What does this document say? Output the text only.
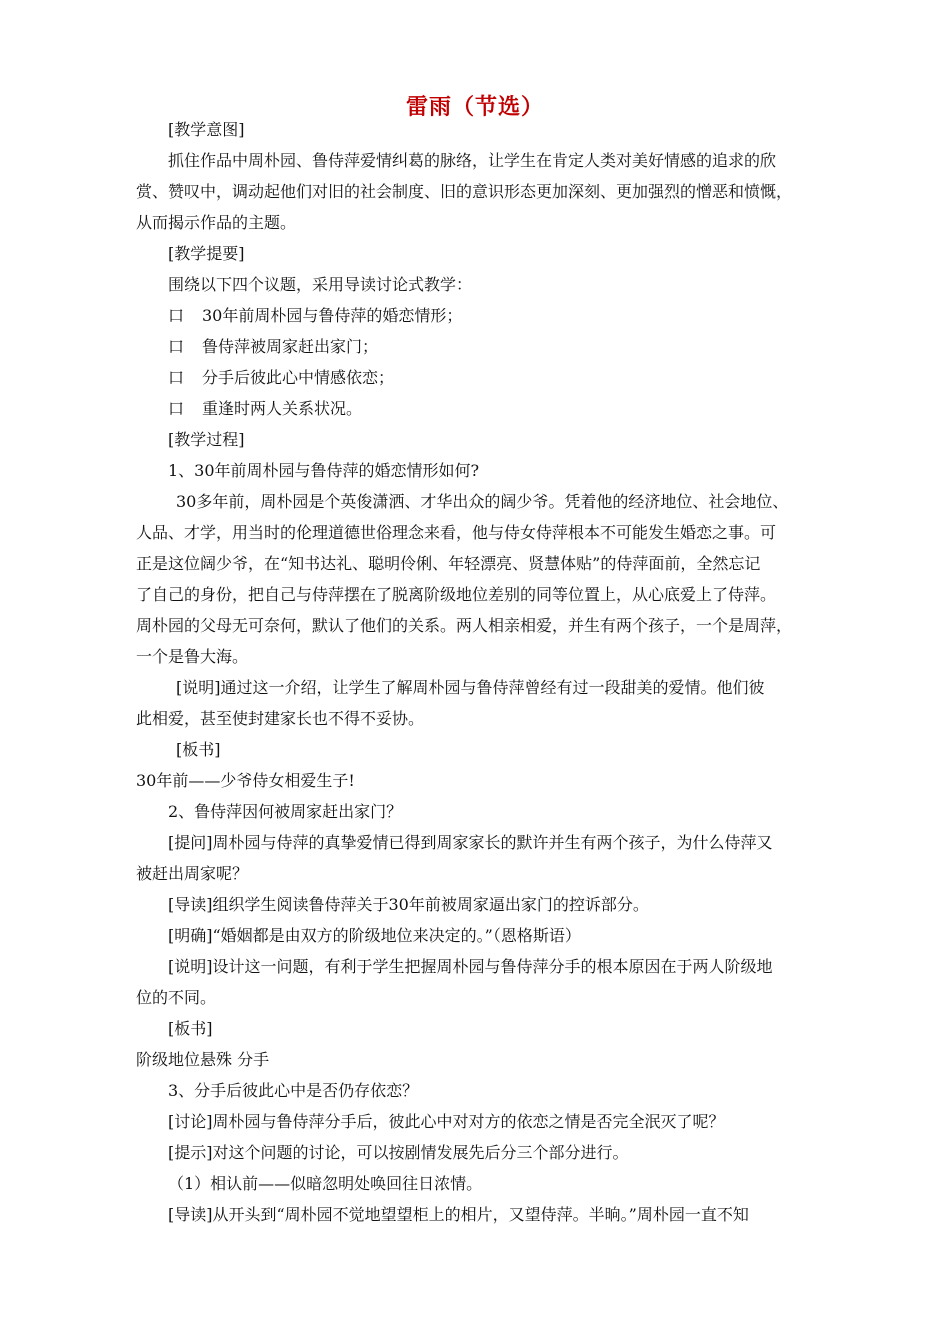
雷雨（节选）
[教学意图]
抓住作品中周朴园、鲁侍萍爱情纠葛的脉络，让学生在肯定人类对美好情感的追求的欣
赏、赞叹中，调动起他们对旧的社会制度、旧的意识形态更加深刻、更加强烈的憎恶和愤慨，
从而揭示作品的主题。
[教学提要]
围绕以下四个议题，采用导读讨论式教学：
口 30年前周朴园与鲁侍萍的婚恋情形；
口 鲁侍萍被周家赶出家门；
口 分手后彼此心中情感依恋；
口 重逢时两人关系状况。
[教学过程]
1、30年前周朴园与鲁侍萍的婚恋情形如何?
30多年前，周朴园是个英俊潇洒、才华出众的阔少爷。凭着他的经济地位、社会地位、
人品、才学，用当时的伦理道德世俗理念来看，他与侍女侍萍根本不可能发生婚恋之事。可
正是这位阔少爷，在“知书达礼、聪明伶俐、年轻漂亮、贤慧体贴”的侍萍面前，全然忘记
了自己的身份，把自己与侍萍摆在了脱离阶级地位差别的同等位置上，从心底爱上了侍萍。
周朴园的父母无可奈何，默认了他们的关系。两人相亲相爱，并生有两个孩子，一个是周萍，
一个是鲁大海。
[说明]通过这一介绍，让学生了解周朴园与鲁侍萍曾经有过一段甜美的爱情。他们彼
此相爱，甚至使封建家长也不得不妥协。
[板书]
30年前——少爷侍女相爱生子!
2、鲁侍萍因何被周家赶出家门？
[提问]周朴园与侍萍的真挚爱情已得到周家家长的默许并生有两个孩子，为什么侍萍又
被赶出周家呢？
[导读]组织学生阅读鲁侍萍关于30年前被周家逼出家门的控诉部分。
[明确]“婚姻都是由双方的阶级地位来决定的。”（恩格斯语）
[说明]设计这一问题，有利于学生把握周朴园与鲁侍萍分手的根本原因在于两人阶级地
位的不同。
[板书]
阶级地位悬殊 分手
3、分手后彼此心中是否仍存依恋？
[讨论]周朴园与鲁侍萍分手后，彼此心中对对方的依恋之情是否完全泯灭了呢？
[提示]对这个问题的讨论，可以按剧情发展先后分三个部分进行。
（1）相认前——似暗忽明处唤回往日浓情。
[导读]从开头到“周朴园不觉地望望柜上的相片，又望侍萍。半晌。”周朴园一直不知
